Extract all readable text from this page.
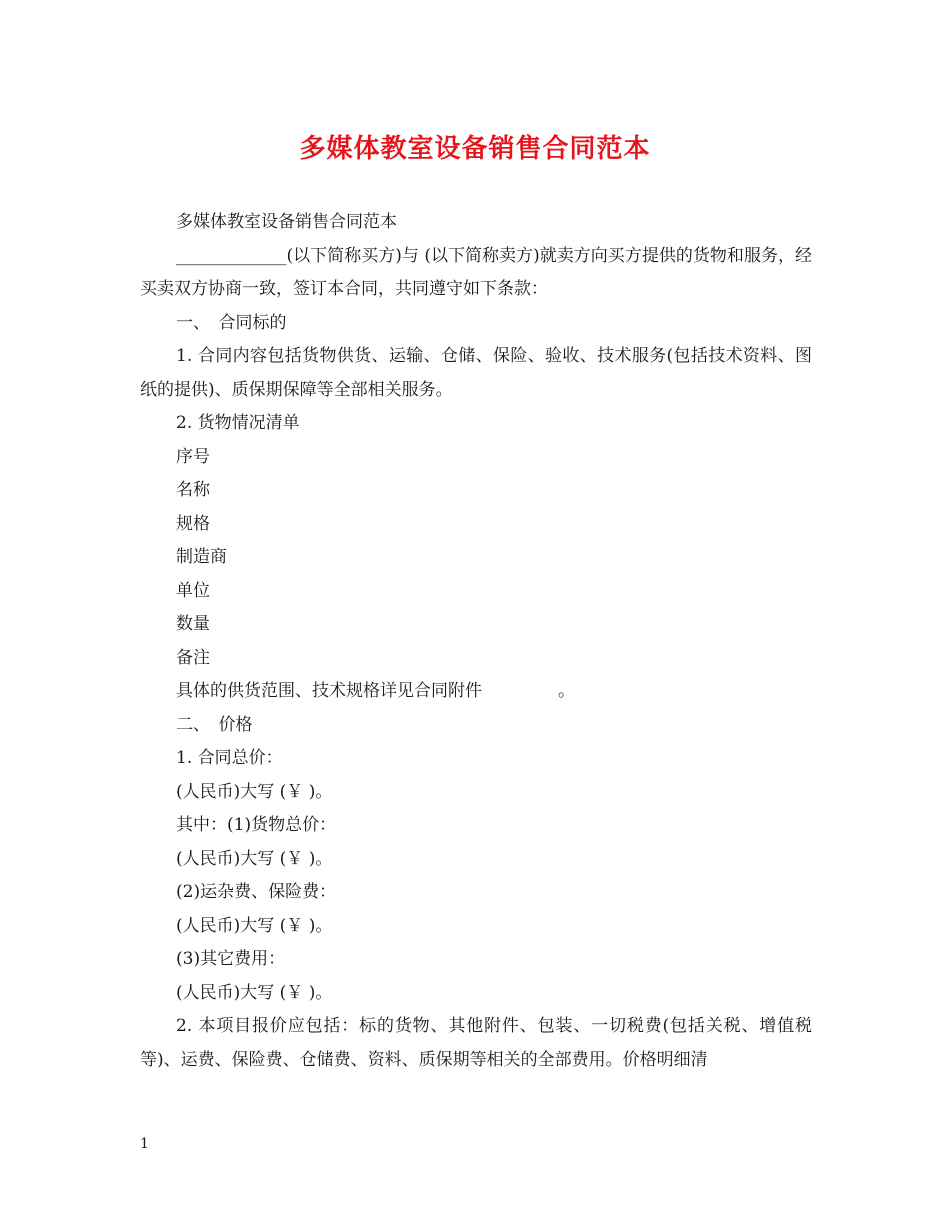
多媒体教室设备销售合同范本

多媒体教室设备销售合同范本

_____________(以下简称买方)与 (以下简称卖方)就卖方向买方提供的货物和服务，经买卖双方协商一致，签订本合同，共同遵守如下条款：

一、　合同标的

1. 合同内容包括货物供货、运输、仓储、保险、验收、技术服务(包括技术资料、图纸的提供)、质保期保障等全部相关服务。

2. 货物情况清单

序号

名称

规格

制造商

单位

数量

备注

具体的供货范围、技术规格详见合同附件	。

二、　价格

1. 合同总价：

(人民币)大写 (￥ )。

其中：(1)货物总价：

(人民币)大写 (￥ )。

(2)运杂费、保险费：

(人民币)大写 (￥ )。

(3)其它费用：

(人民币)大写 (￥ )。

2. 本项目报价应包括：标的货物、其他附件、包装、一切税费(包括关税、增值税等)、运费、保险费、仓储费、资料、质保期等相关的全部费用。价格明细清

1
